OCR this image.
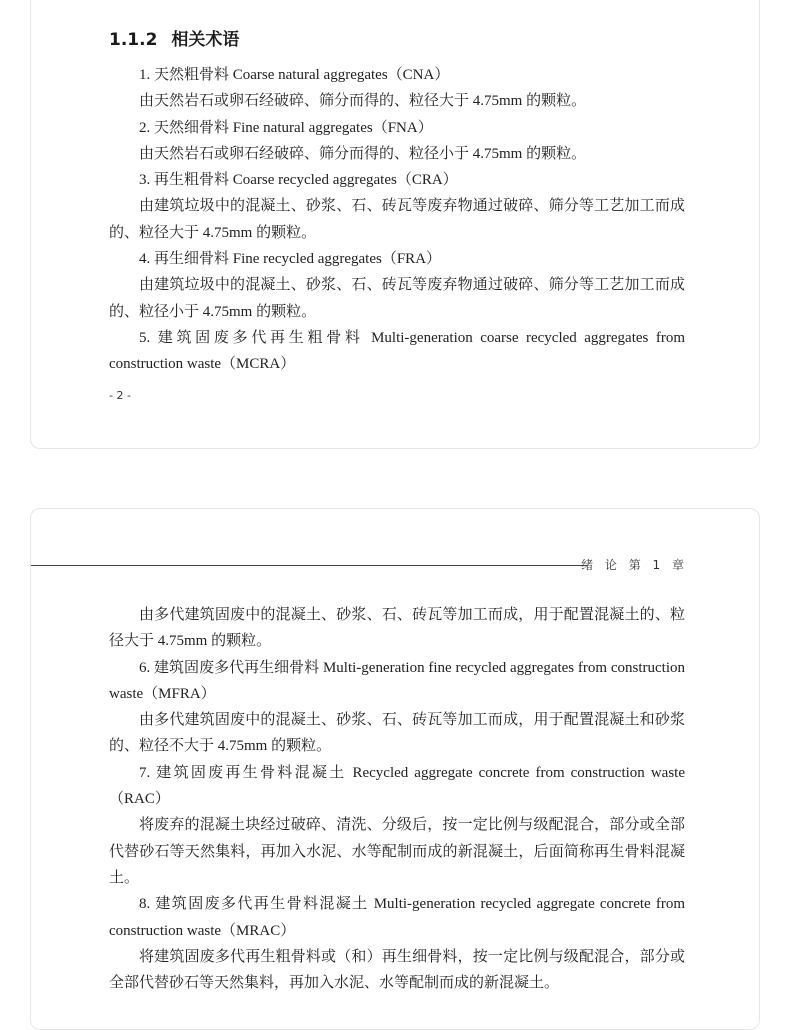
1.1.2 相关术语

1. 天然粗骨料 Coarse natural aggregates（CNA）

由天然岩石或卵石经破碎、筛分而得的、粒径大于 4.75mm 的颗粒。

2. 天然细骨料 Fine natural aggregates（FNA）

由天然岩石或卵石经破碎、筛分而得的、粒径小于 4.75mm 的颗粒。

3. 再生粗骨料 Coarse recycled aggregates（CRA）

由建筑垃圾中的混凝土、砂浆、石、砖瓦等废弃物通过破碎、筛分等工艺加工而成的、粒径大于 4.75mm 的颗粒。

4. 再生细骨料 Fine recycled aggregates（FRA）

由建筑垃圾中的混凝土、砂浆、石、砖瓦等废弃物通过破碎、筛分等工艺加工而成的、粒径小于 4.75mm 的颗粒。

5. 建筑固废多代再生粗骨料 Multi-generation coarse recycled aggregates from construction waste（MCRA）

- 2 -
绪 论 第 1 章

由多代建筑固废中的混凝土、砂浆、石、砖瓦等加工而成，用于配置混凝土的、粒径大于 4.75mm 的颗粒。

6. 建筑固废多代再生细骨料 Multi-generation fine recycled aggregates from construction waste（MFRA）

由多代建筑固废中的混凝土、砂浆、石、砖瓦等加工而成，用于配置混凝土和砂浆的、粒径不大于 4.75mm 的颗粒。

7. 建筑固废再生骨料混凝土 Recycled aggregate concrete from construction waste（RAC）

将废弃的混凝土块经过破碎、清洗、分级后，按一定比例与级配混合，部分或全部代替砂石等天然集料，再加入水泥、水等配制而成的新混凝土，后面简称再生骨料混凝土。

8. 建筑固废多代再生骨料混凝土 Multi-generation recycled aggregate concrete from construction waste（MRAC）

将建筑固废多代再生粗骨料或（和）再生细骨料，按一定比例与级配混合，部分或全部代替砂石等天然集料，再加入水泥、水等配制而成的新混凝土。
